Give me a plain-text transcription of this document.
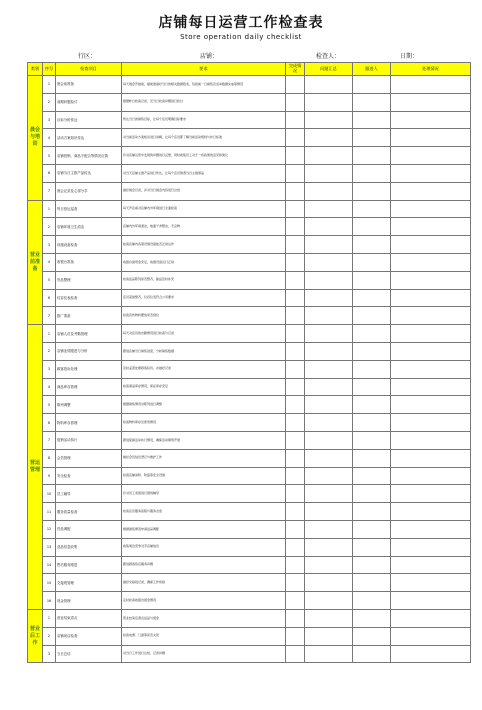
店铺每日运营工作检查表
Store operation daily checklist
行区：	店铺：	检查人：	日期：
类别	序号	检查项目	要求	完成情况	问题汇总	跟进人	处理情况
晨会与培训	1	晨会前准备	每天晨会开始前，提前准备好当日的相关数据报表，包括前一日销售及活动数据完成等情况				
	2	前期问题检讨	根据昨日检查记录，及当日检查问题进行检讨				
	3	目标分析传达	传达当日的销售目标，让每个店员明确目标要求				
	4	活动方案知识传达	对当前活动方案知识进行讲解，让每个店员都了解当前活动规则与执行标准				
	5	店铺营销、商品不配合等情况反馈	针对店铺运营中发现的问题进行反馈，同时收集员工对于一些政策的意见和建议				
	6	店铺当日主推产品传达	对当天店铺主推产品进行传达，让每个店员熟悉当日主推商品				
	7	晨会记录及心得分享	做好晨会记录，并对当日晨会内容进行总结				
营业前准备	1	每日营运巡查	每天开店前对店铺内外环境进行全面检查				
	2	店铺环境卫生清洁	店铺内外环境清洁，地面干净整洁，无杂物				
	3	设施设备检查	检查店铺内各项设施设备能否正常运作				
	4	收银台准备	收银台备用金充足，收银设备运行正常				
	5	货品整理	检查货品陈列是否整齐，缺货及时补充				
	6	仪容仪表检查	店员着装整齐，仪容仪表符合公司要求				
	7	推广准备	检查宣传物料摆放是否到位				
营运管理	1	店铺人员及考勤管理	每天对店员的出勤情况进行检查与记录				
	2	店铺业绩跟进与分析	跟进店铺当日销售进度，分析销售数据				
	3	顾客投诉处理	及时妥善处理顾客投诉，并做好记录				
	4	商品库存管理	检查商品库存情况，保证库存充足				
	5	陈列调整	根据销售情况对陈列进行调整				
	6	物料库存管理	检查物料库存及使用情况				
	7	促销活动执行	跟进促销活动执行情况，确保活动顺利开展				
	8	会员管理	做好会员信息登记与维护工作				
	9	安全检查	检查店铺消防、防盗等安全设施				
	10	员工辅导	针对员工表现进行现场辅导				
	11	服务质量检查	检查店员服务流程与服务态度				
	12	货品调配	根据销售情况申请货品调配				
	13	竞品信息收集	收集周边竞争对手店铺信息				
	14	售后服务跟进	跟进顾客售后服务问题				
	15	交接班管理	做好交接班记录，确保工作衔接				
	16	现金管理	定时检查收银台现金情况				
营业后工作	1	营业结束清点	营业结束后清点货品与现金				
	2	店铺闭店检查	检查电源、门窗等是否关闭				
	3	当日总结	对当日工作进行总结，记录问题				
